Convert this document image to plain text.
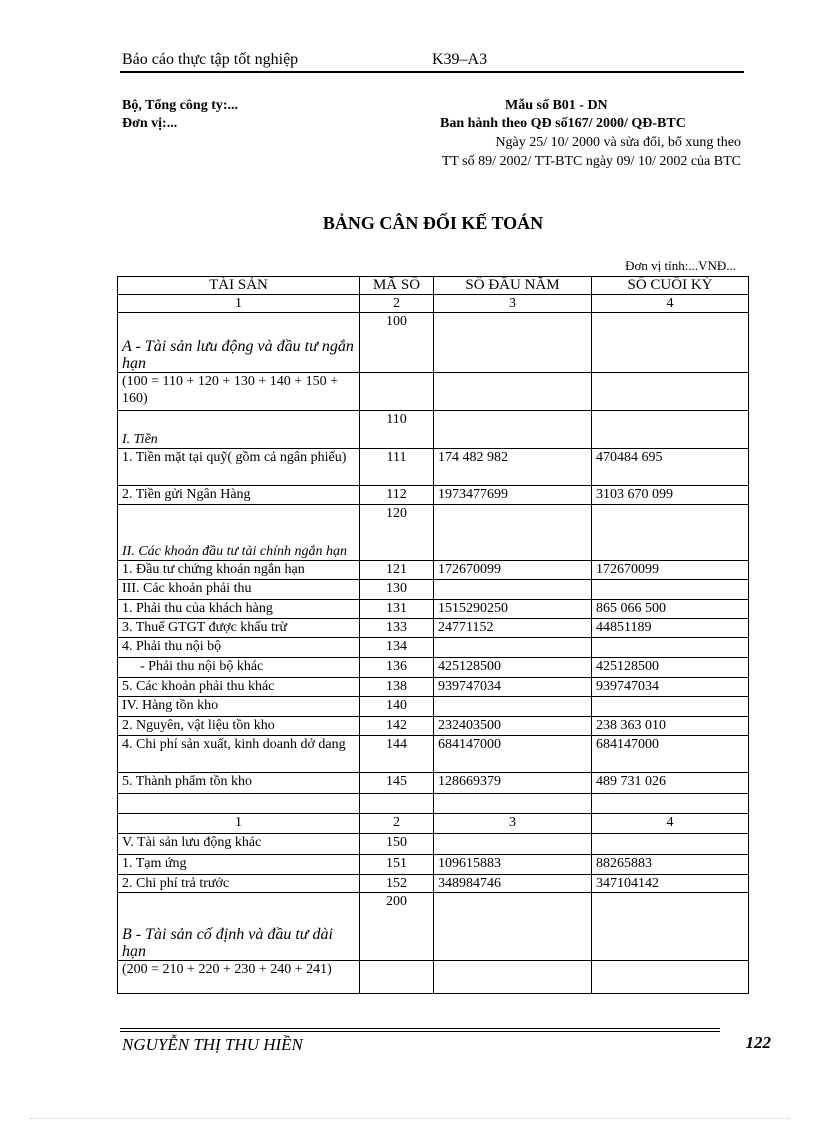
Báo cáo thực tập tốt nghiệp	K39–A3
Bộ, Tổng công ty:...
Đơn vị:...
Mẫu số B01 - DN
Ban hành theo QĐ số167/ 2000/ QĐ-BTC
Ngày 25/ 10/ 2000 và sửa đổi, bổ xung theo
TT số 89/ 2002/ TT-BTC ngày 09/ 10/ 2002 của BTC
BẢNG CÂN ĐỐI KẾ TOÁN
Đơn vị tính:...VNĐ...
TÀI SẢN	MÃ SỐ	SỐ ĐẦU NĂM	SỐ CUỐI KỲ
1	2	3	4
A - Tài sản lưu động và đầu tư ngắn hạn	100		
(100 = 110 + 120 + 130 + 140 + 150 + 160)			
I. Tiền	110		
1. Tiền mặt tại quỹ( gồm cả ngân phiếu)	111	174 482 982	470484 695
2. Tiền gửi Ngân Hàng	112	1973477699	3103 670 099
II. Các khoản đầu tư tài chính ngắn hạn	120		
1. Đầu tư chứng khoán ngắn hạn	121	172670099	172670099
III. Các khoản phải thu	130		
1. Phải thu của khách hàng	131	1515290250	865 066 500
3. Thuế GTGT được khấu trừ	133	24771152	44851189
4. Phải thu nội bộ	134		
- Phải thu nội bộ khác	136	425128500	425128500
5. Các khoản phải thu khác	138	939747034	939747034
IV. Hàng tồn kho	140		
2. Nguyên, vật liệu tồn kho	142	232403500	238 363 010
4. Chi phí sản xuất, kinh doanh dở dang	144	684147000	684147000
5. Thành phẩm tồn kho	145	128669379	489 731 026

1	2	3	4
V. Tài sản lưu động khác	150		
1. Tạm ứng	151	109615883	88265883
2. Chi phí trả trước	152	348984746	347104142
B - Tài sản cố định và đầu tư dài hạn	200		
(200 = 210 + 220 + 230 + 240 + 241)			
NGUYỄN THỊ THU HIỀN	122
